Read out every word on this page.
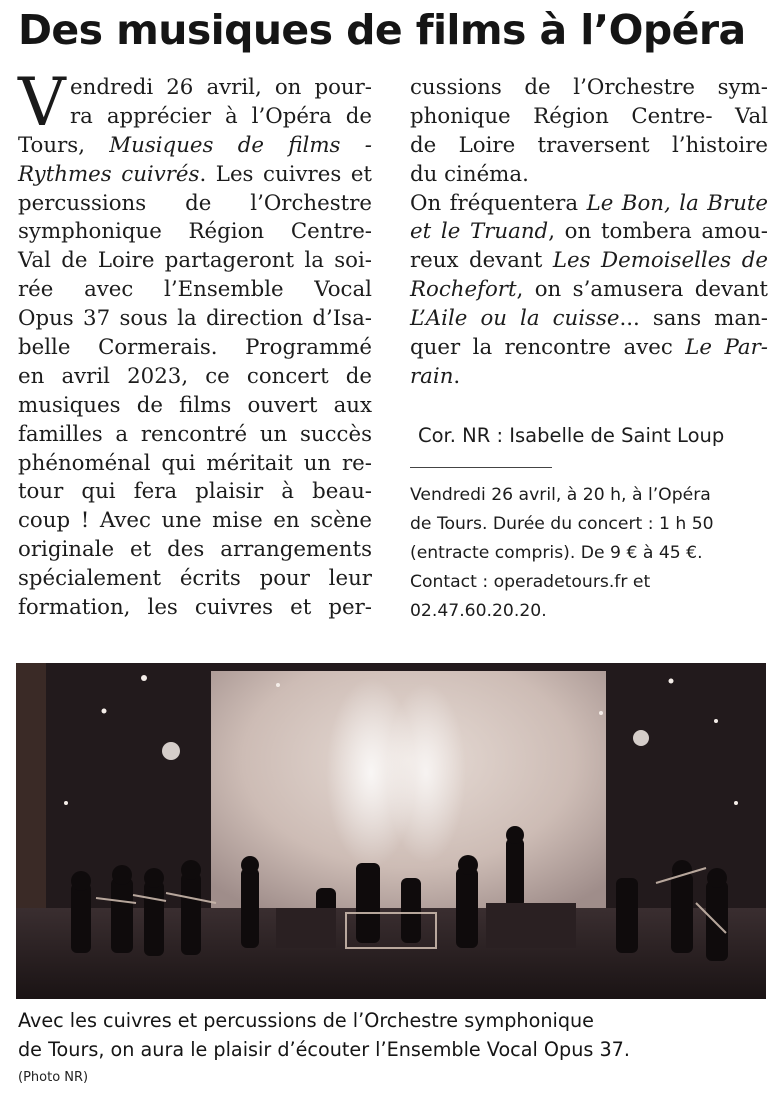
Des musiques de films à l’Opéra
V endredi 26 avril, on pour-
ra apprécier à l’Opéra de
Tours, Musiques de films -
Rythmes cuivrés. Les cuivres et
percussions de l’Orchestre
symphonique Région Centre-
Val de Loire partageront la soi-
rée avec l’Ensemble Vocal
Opus 37 sous la direction d’Isa-
belle Cormerais. Programmé
en avril 2023, ce concert de
musiques de films ouvert aux
familles a rencontré un succès
phénoménal qui méritait un re-
tour qui fera plaisir à beau-
coup ! Avec une mise en scène
originale et des arrangements
spécialement écrits pour leur
formation, les cuivres et per-
cussions de l’Orchestre sym-
phonique Région Centre- Val
de Loire traversent l’histoire
du cinéma.
On fréquentera Le Bon, la Brute
et le Truand, on tombera amou-
reux devant Les Demoiselles de
Rochefort, on s’amusera devant
L’Aile ou la cuisse... sans man-
quer la rencontre avec Le Par-
rain.
Cor. NR : Isabelle de Saint Loup
Vendredi 26 avril, à 20 h, à l’Opéra
de Tours. Durée du concert : 1 h 50
(entracte compris). De 9 € à 45 €.
Contact : operadetours.fr et
02.47.60.20.20.
Avec les cuivres et percussions de l’Orchestre symphonique
de Tours, on aura le plaisir d’écouter l’Ensemble Vocal Opus 37.
(Photo NR)
